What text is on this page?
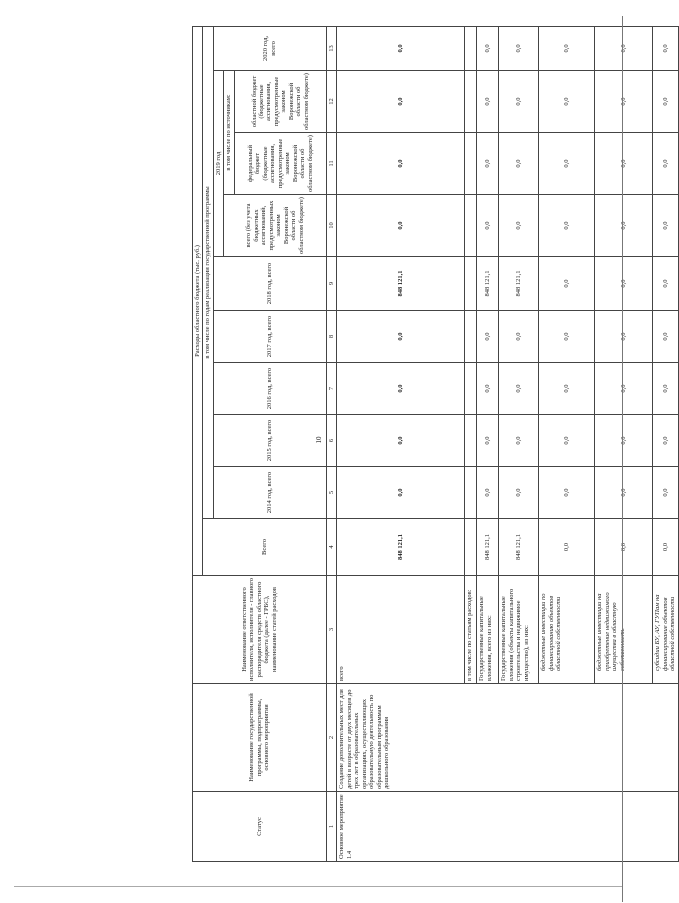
10
Статус	Наименование государственной программы, подпрограммы, основного мероприятия	Наименование ответственного исполнителя, исполнителя - главного распорядителя средств областного бюджета (далее - ГРБС), наименование статей расходов	Расходы областного бюджета (тыс. руб.)									
			Всего	в том числе по годам реализации государственной программы								
				2014 год, всего	2015 год, всего	2016 год, всего	2017 год, всего	2018 год, всего	2019 год			2020 год, всего
									всего (без учета бюджетных ассигнований, предусмотренных законом Воронежской области об областном бюджете)	в том числе по источникам:		
										федеральный бюджет (бюджетные ассигнования, предусмотренные законом Воронежской области об областном бюджете)	областной бюджет (бюджетные ассигнования, предусмотренные законом Воронежской области об областном бюджете)	
1	2	3	4	5	6	7	8	9	10	11	12	13
Основное мероприятие 1.4	Создание дополнительных мест для детей в возрасте от двух месяцев до трех лет в образовательных организациях, осуществляющих образовательную деятельность по образовательным программам дошкольного образования	всего	848 121,1	0,0	0,0	0,0	0,0	848 121,1	0,0	0,0	0,0	0,0
		в том числе по статьям расходов:										
		Государственные капитальные вложения, всего из них:	848 121,1	0,0	0,0	0,0	0,0	848 121,1	0,0	0,0	0,0	0,0
		Государственные капитальные вложения (объекты капитального строительства и недвижимое имущество), из них:	848 121,1	0,0	0,0	0,0	0,0	848 121,1	0,0	0,0	0,0	0,0
		бюджетные инвестиции по финансированию объектов областной собственности	0,0	0,0	0,0	0,0	0,0	0,0	0,0	0,0	0,0	0,0
		бюджетные инвестиции на приобретение недвижимого имущества в областную собственность	0,0	0,0	0,0	0,0	0,0	0,0	0,0	0,0	0,0	0,0
		субсидии БУ, АУ, ГУПам на финансирование объектов областной собственности	0,0	0,0	0,0	0,0	0,0	0,0	0,0	0,0	0,0	0,0
